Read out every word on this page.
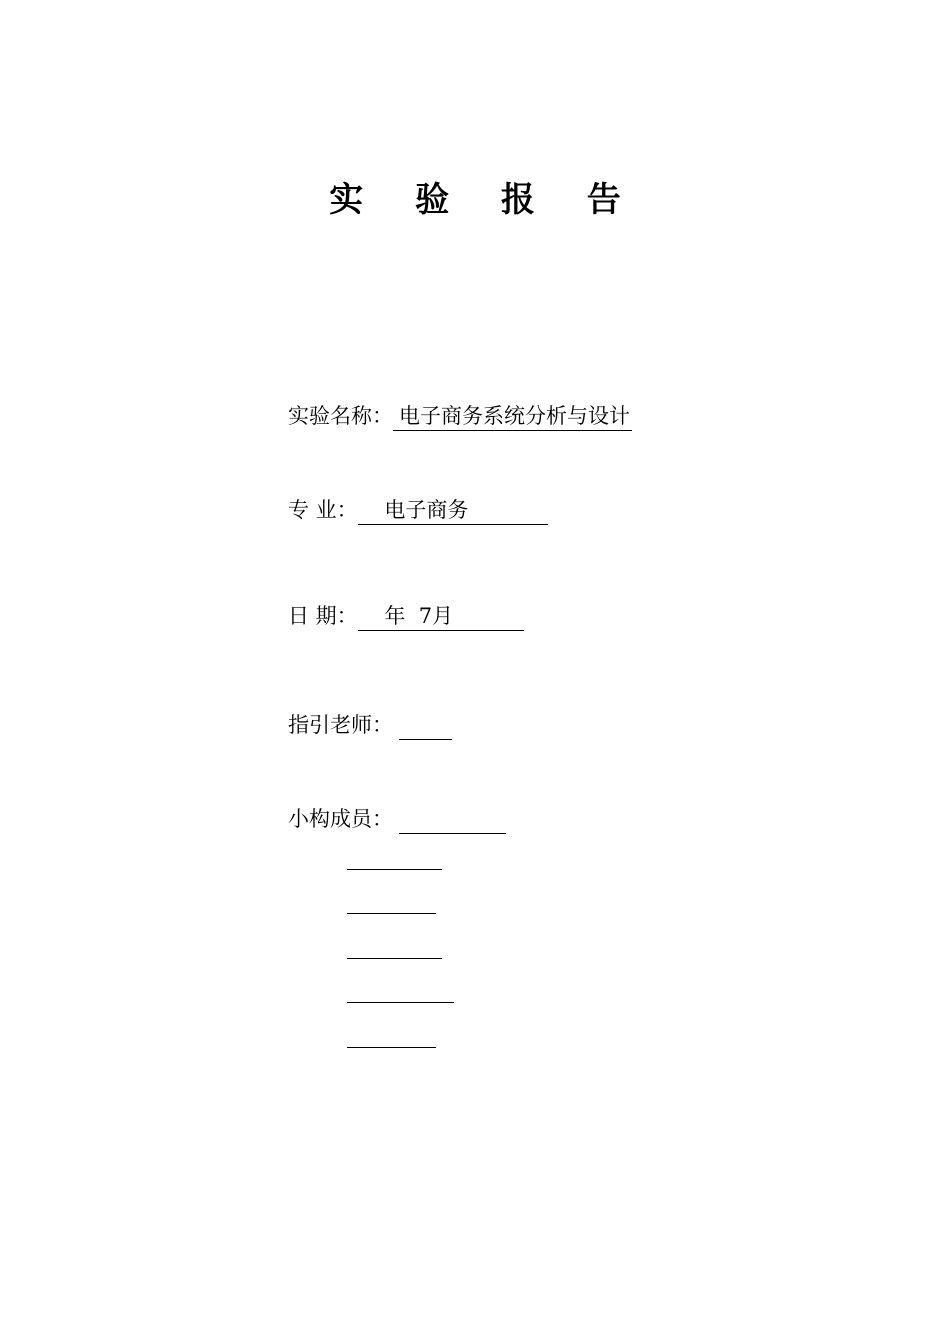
实 验 报 告
实验名称： 电子商务系统分析与设计
专 业：    电子商务
日 期：    年  7月
指引老师：
小构成员：
